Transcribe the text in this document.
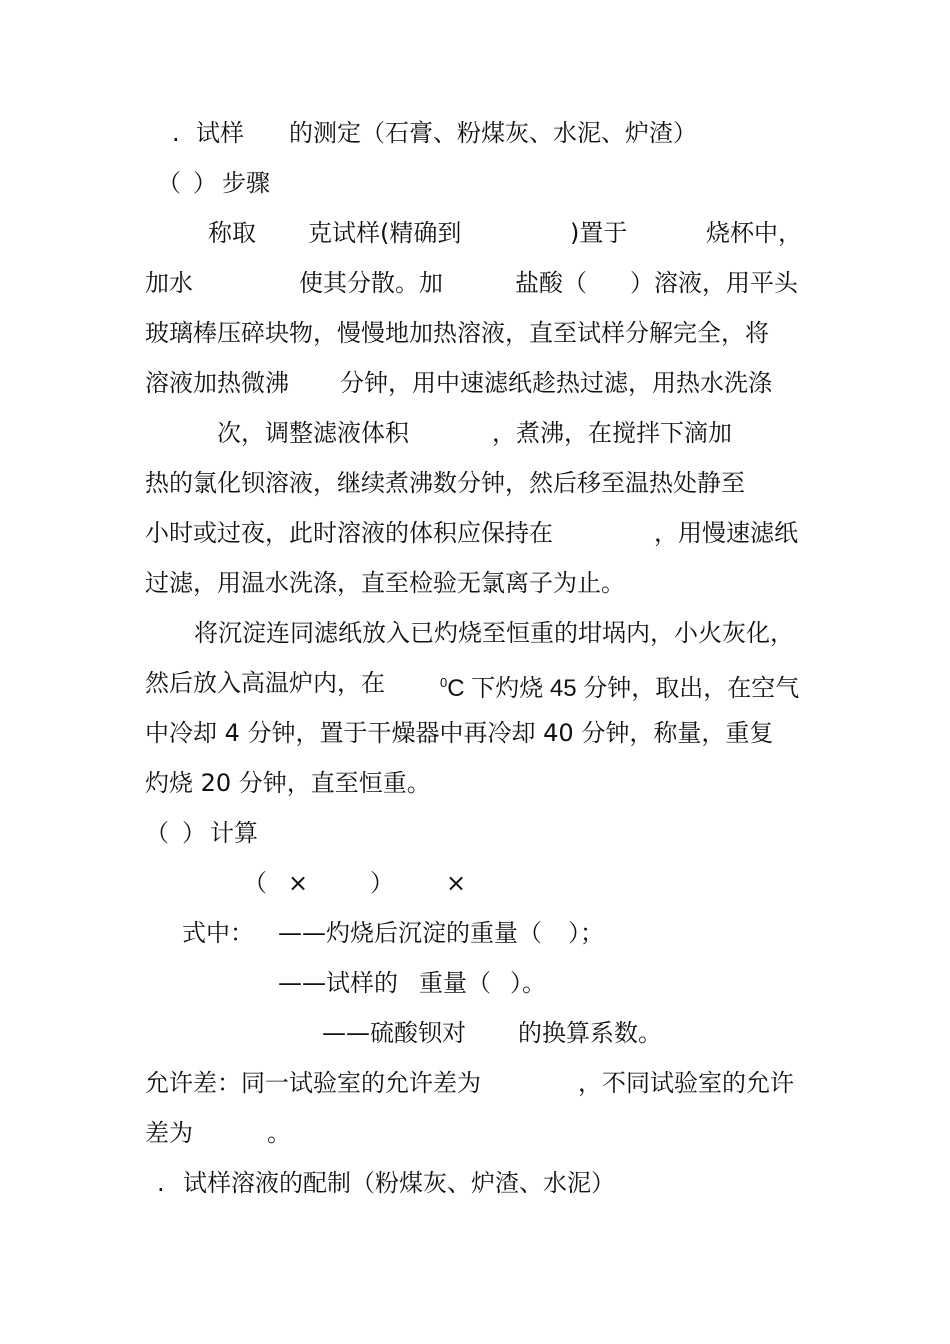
.

试样

的测定（石膏、粉煤灰、水泥、炉渣）

（

）

步骤

称取

克试样(精确到

	)置于

	烧杯中，

加水

	使其分散。加

	盐酸（

）溶液，用平头

玻璃棒压碎块物，慢慢地加热溶液，直至试样分解完全，将

溶液加热微沸

分钟，用中速滤纸趁热过滤，用热水洗涤

次，调整滤液体积

	，煮沸，在搅拌下滴加

热的氯化钡溶液，继续煮沸数分钟，然后移至温热处静至

小时或过夜，此时溶液的体积应保持在

	，用慢速滤纸

过滤，用温水洗涤，直至检验无氯离子为止。
将沉淀连同滤纸放入已灼烧至恒重的坩埚内，小火灰化，

然后放入高温炉内，在

	$^0$C 下灼烧 45 分钟，取出，在空气

中冷却 4 分钟，置于干燥器中再冷却 40 分钟，称量，重复
灼烧 20 分钟，直至恒重。

（

）

计算

（

×

	）

×

式中：

——灼烧后沉淀的重量（

）；

——试样的

重量（

）。

——硫酸钡对

的换算系数。

允许差：同一试验室的允许差为

	，不同试验室的允许

差为

	。

.

试样溶液的配制（粉煤灰、炉渣、水泥）
